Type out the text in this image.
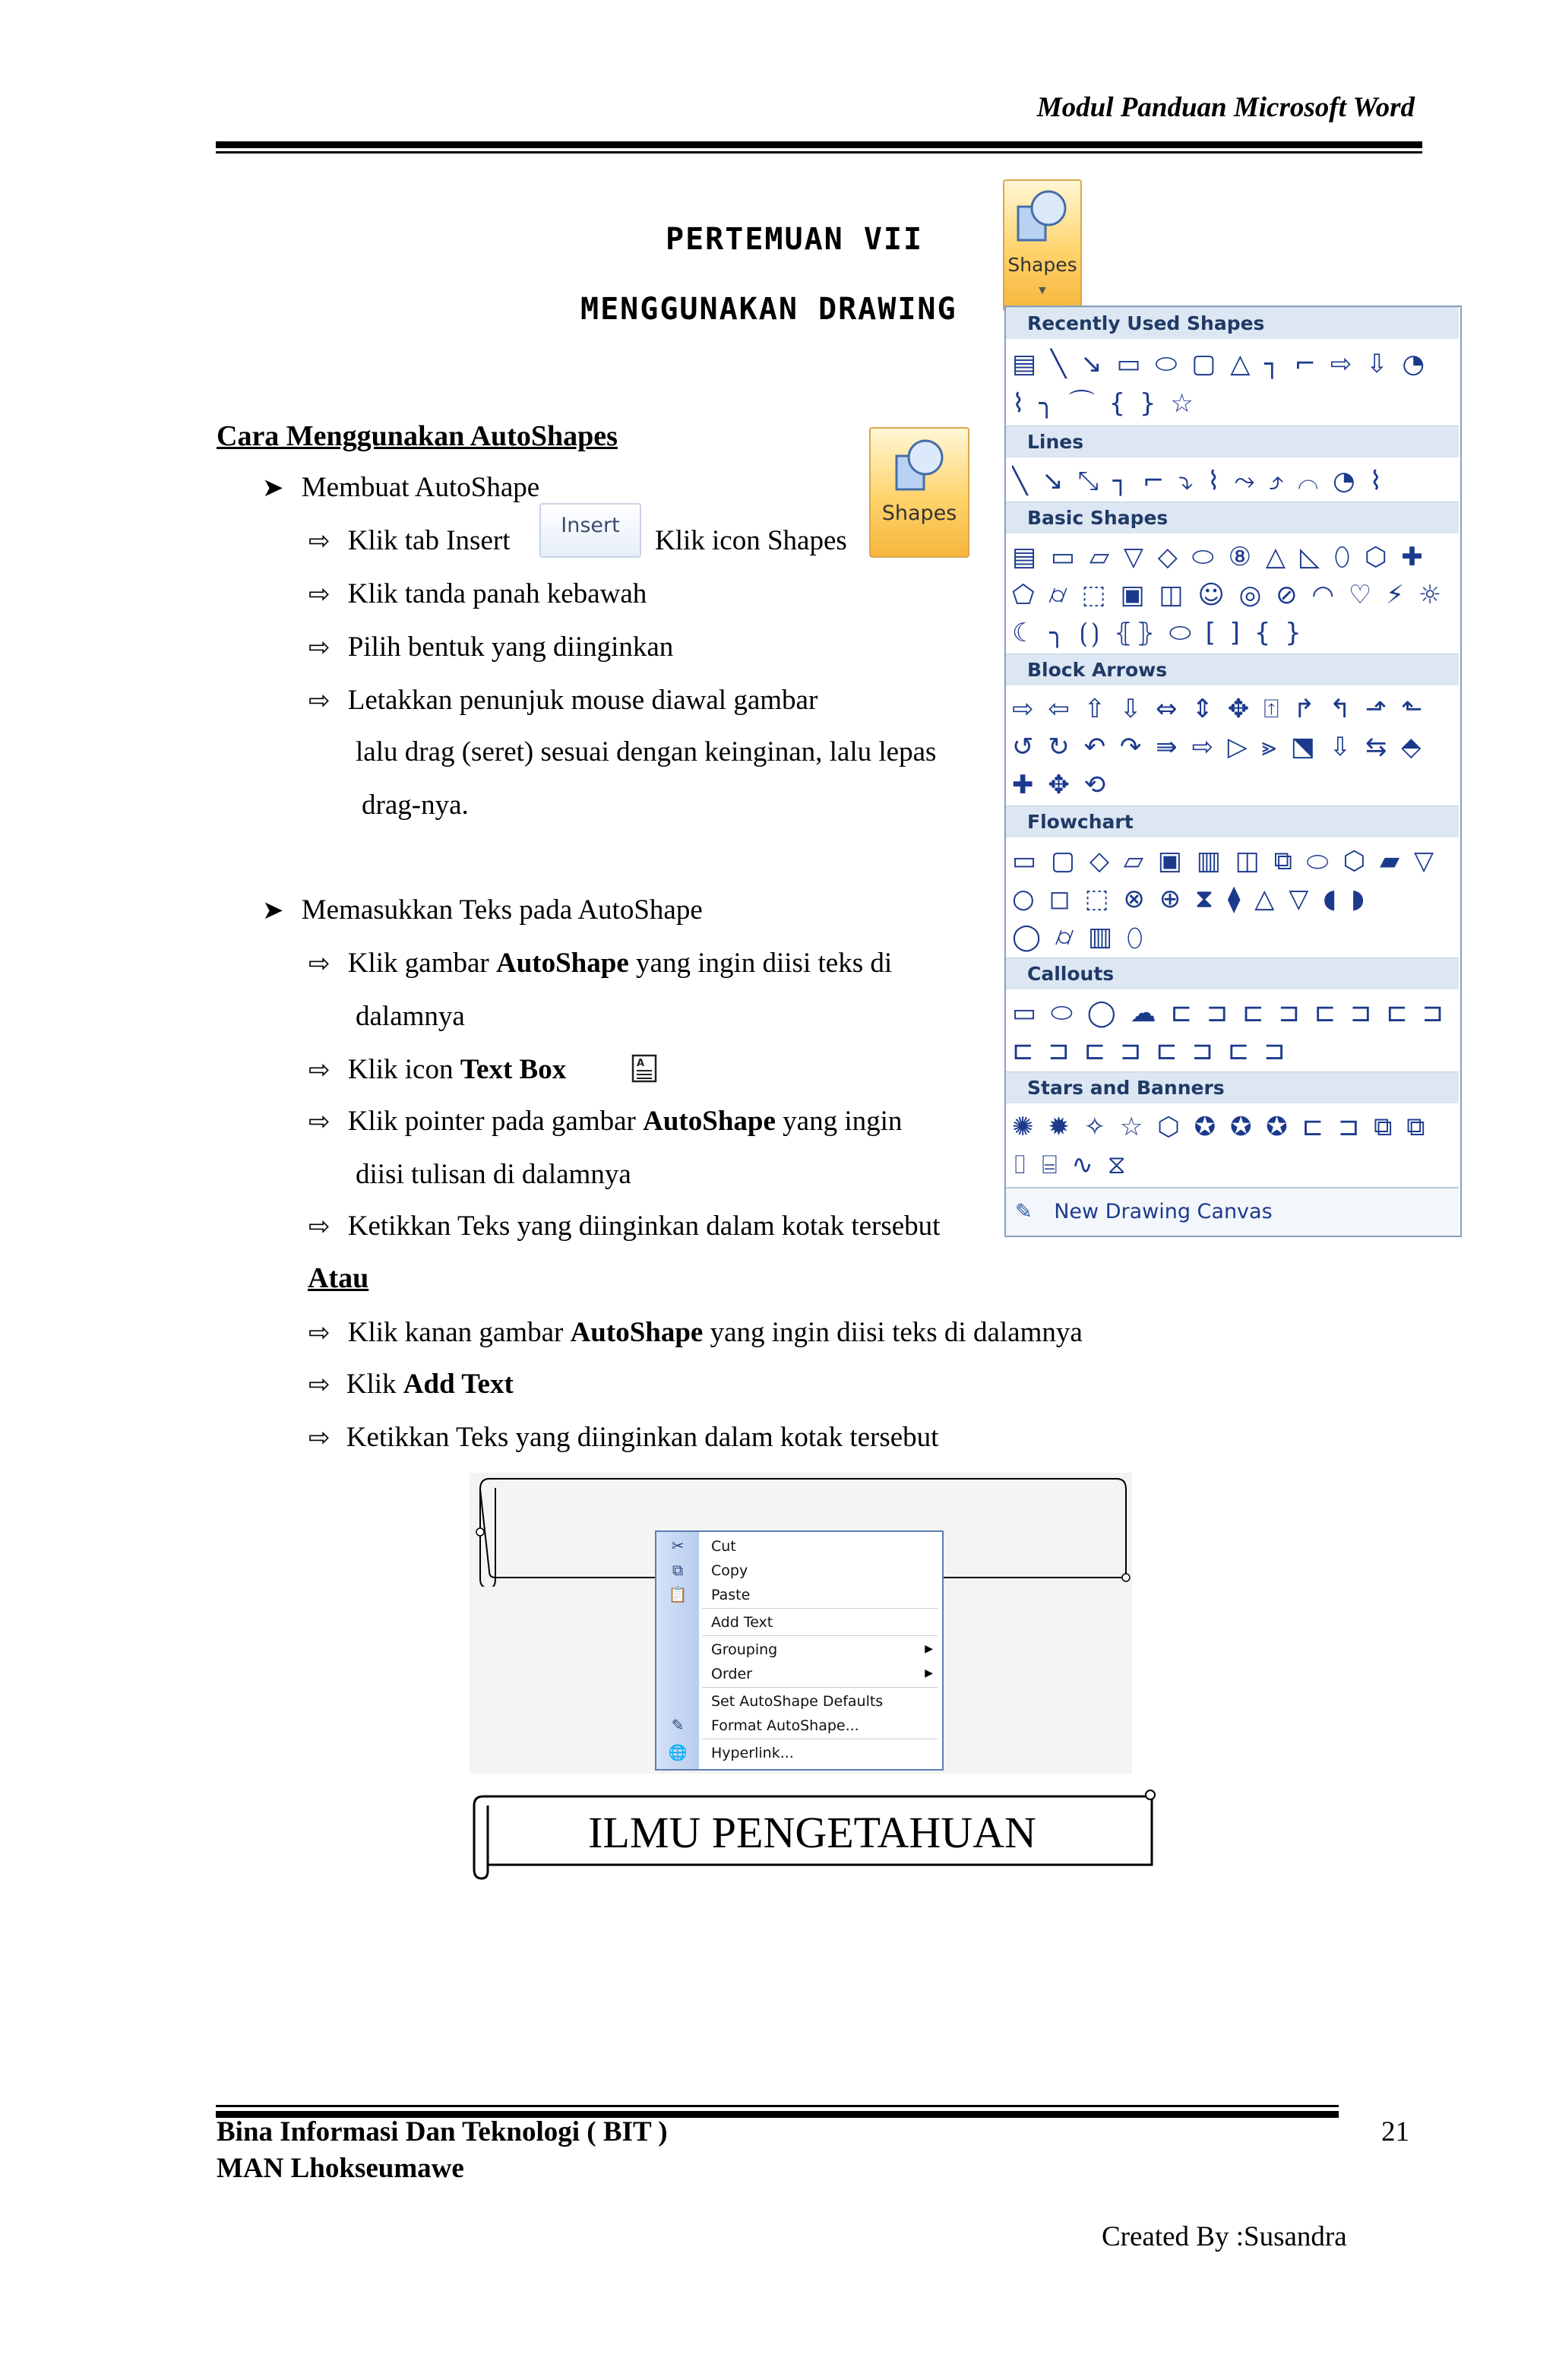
Modul Panduan Microsoft Word
PERTEMUAN VII
MENGGUNAKAN DRAWING
Cara Menggunakan AutoShapes
➤ Membuat AutoShape
⇨ Klik tab Insert	Insert	Klik icon Shapes
Shapes
⇨ Klik tanda panah kebawah
⇨ Pilih bentuk yang diinginkan
⇨ Letakkan penunjuk mouse diawal gambar
lalu drag (seret) sesuai dengan keinginan, lalu lepas
drag-nya.
➤ Memasukkan Teks pada AutoShape
⇨ Klik gambar AutoShape yang ingin diisi teks di
dalamnya
⇨ Klik icon Text Box	A
⇨ Klik pointer pada gambar AutoShape yang ingin
diisi tulisan di dalamnya
⇨ Ketikkan Teks yang diinginkan dalam kotak tersebut
Atau
⇨ Klik kanan gambar AutoShape yang ingin diisi teks di dalamnya
⇨ Klik Add Text
⇨ Ketikkan Teks yang diinginkan dalam kotak tersebut
Shapes
▼
Recently Used Shapes
▤ ╲ ↘ ▭ ⬭ ▢ △ ┐ ⌐ ⇨ ⇩ ◔
⌇ ╮ ⌒ { } ☆
Lines
╲ ↘ ⤡ ┐ ⌐ ⤵ ⌇ ⤳ ⤴ ⌒ ◔ ⌇
Basic Shapes
▤ ▭ ▱ ▽ ◇ ⬭ ⑧ △ ◺ ⬯ ⬡ ✚
⬠ ⌭ ⬚ ▣ ◫ ☺ ◎ ⊘ ◠ ♡ ⚡ ☼
☾ ╮ ⟮⟯ ⦃⦄ ⬭ [ ] { }
Block Arrows
⇨ ⇦ ⇧ ⇩ ⇔ ⇕ ✥ ⍐ ↱ ↰ ⬏ ⬑
↺ ↻ ↶ ↷ ⇛ ⇨ ▷ ⪢ ⬔ ⇩ ⇆ ⬘
✚ ✥ ⟲
Flowchart
▭ ▢ ◇ ▱ ▣ ▥ ◫ ⧉ ⬭ ⬡ ▰ ▽
○ ◻ ⬚ ⊗ ⊕ ⧗ ⧫ △ ▽ ◖ ◗
◯ ⌭ ▥ ⬯
Callouts
▭ ⬭ ◯ ☁ ⊏ ⊐ ⊏ ⊐ ⊏ ⊐ ⊏ ⊐
⊏ ⊐ ⊏ ⊐ ⊏ ⊐ ⊏ ⊐
Stars and Banners
✺ ✹ ✧ ☆ ⬡ ✪ ✪ ✪ ⊏ ⊐ ⧉ ⧉
⌷ ⌸ ∿ ⧖
✎ New Drawing Canvas
✂ Cut
⧉	Copy
📋 Paste
Add Text
Grouping	▶
Order	▶
Set AutoShape Defaults
✎ Format AutoShape...
🌐 Hyperlink...
ILMU PENGETAHUAN
Bina Informasi Dan Teknologi ( BIT )
MAN Lhokseumawe
21
Created By :Susandra
